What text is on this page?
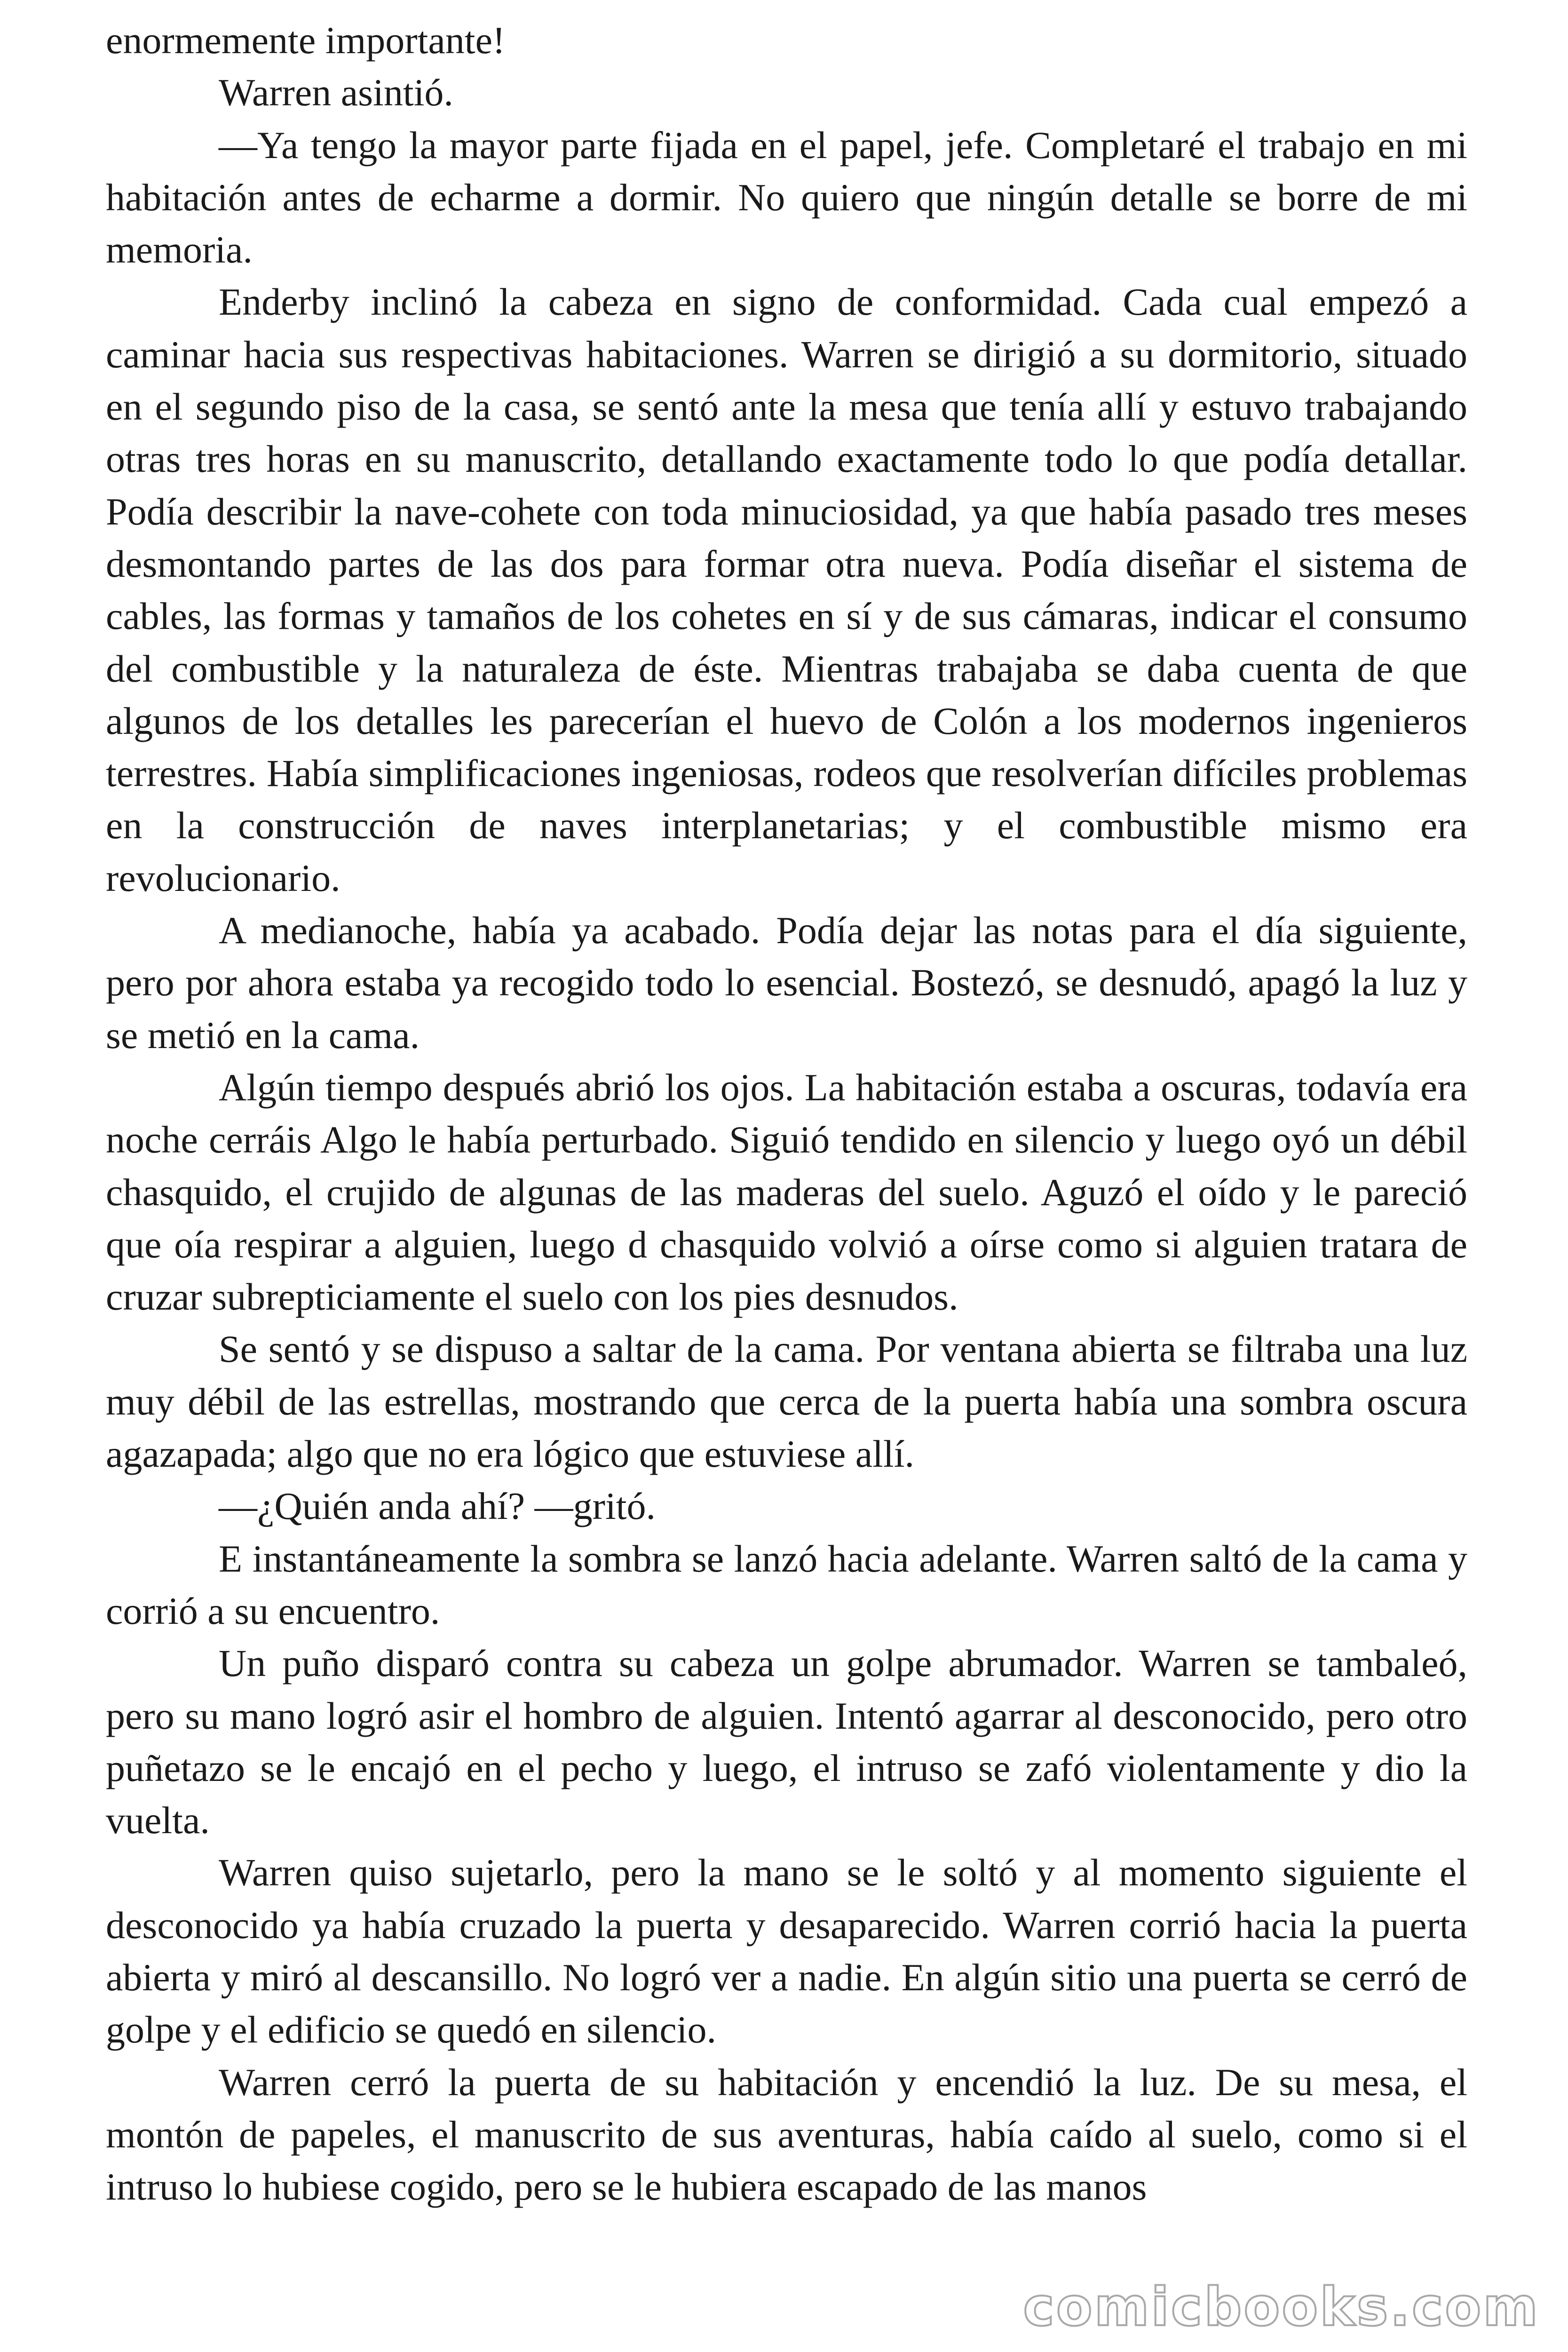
enormemente importante!

Warren asintió.

—Ya tengo la mayor parte fijada en el papel, jefe. Completaré el trabajo en mi habitación antes de echarme a dormir. No quiero que ningún detalle se borre de mi memoria.

Enderby inclinó la cabeza en signo de conformidad. Cada cual empezó a caminar hacia sus respectivas habitaciones. Warren se dirigió a su dormitorio, situado en el segundo piso de la casa, se sentó ante la mesa que tenía allí y estuvo trabajando otras tres horas en su manuscrito, detallando exactamente todo lo que podía detallar. Podía describir la nave-cohete con toda minuciosidad, ya que había pasado tres meses desmontando partes de las dos para formar otra nueva. Podía diseñar el sistema de cables, las formas y tamaños de los cohetes en sí y de sus cámaras, indicar el consumo del combustible y la naturaleza de éste. Mientras trabajaba se daba cuenta de que algunos de los detalles les parecerían el huevo de Colón a los modernos ingenieros terrestres. Había simplificaciones ingeniosas, rodeos que resolverían difíciles problemas en la construcción de naves interplanetarias; y el combustible mismo era revolucionario.

A medianoche, había ya acabado. Podía dejar las notas para el día siguiente, pero por ahora estaba ya recogido todo lo esencial. Bostezó, se desnudó, apagó la luz y se metió en la cama.

Algún tiempo después abrió los ojos. La habitación estaba a oscuras, todavía era noche cerráis Algo le había perturbado. Siguió tendido en silencio y luego oyó un débil chasquido, el crujido de algunas de las maderas del suelo. Aguzó el oído y le pareció que oía respirar a alguien, luego d chasquido volvió a oírse como si alguien tratara de cruzar subrepticiamente el suelo con los pies desnudos.

Se sentó y se dispuso a saltar de la cama. Por ventana abierta se filtraba una luz muy débil de las estrellas, mostrando que cerca de la puerta había una sombra oscura agazapada; algo que no era lógico que estuviese allí.

—¿Quién anda ahí? —gritó.

E instantáneamente la sombra se lanzó hacia adelante. Warren saltó de la cama y corrió a su encuentro.

Un puño disparó contra su cabeza un golpe abrumador. Warren se tambaleó, pero su mano logró asir el hombro de alguien. Intentó agarrar al desconocido, pero otro puñetazo se le encajó en el pecho y luego, el intruso se zafó violentamente y dio la vuelta.

Warren quiso sujetarlo, pero la mano se le soltó y al momento siguiente el desconocido ya había cruzado la puerta y desaparecido. Warren corrió hacia la puerta abierta y miró al descansillo. No logró ver a nadie. En algún sitio una puerta se cerró de golpe y el edificio se quedó en silencio.

Warren cerró la puerta de su habitación y encendió la luz. De su mesa, el montón de papeles, el manuscrito de sus aventuras, había caído al suelo, como si el intruso lo hubiese cogido, pero se le hubiera escapado de las manos

comicbooks.com
